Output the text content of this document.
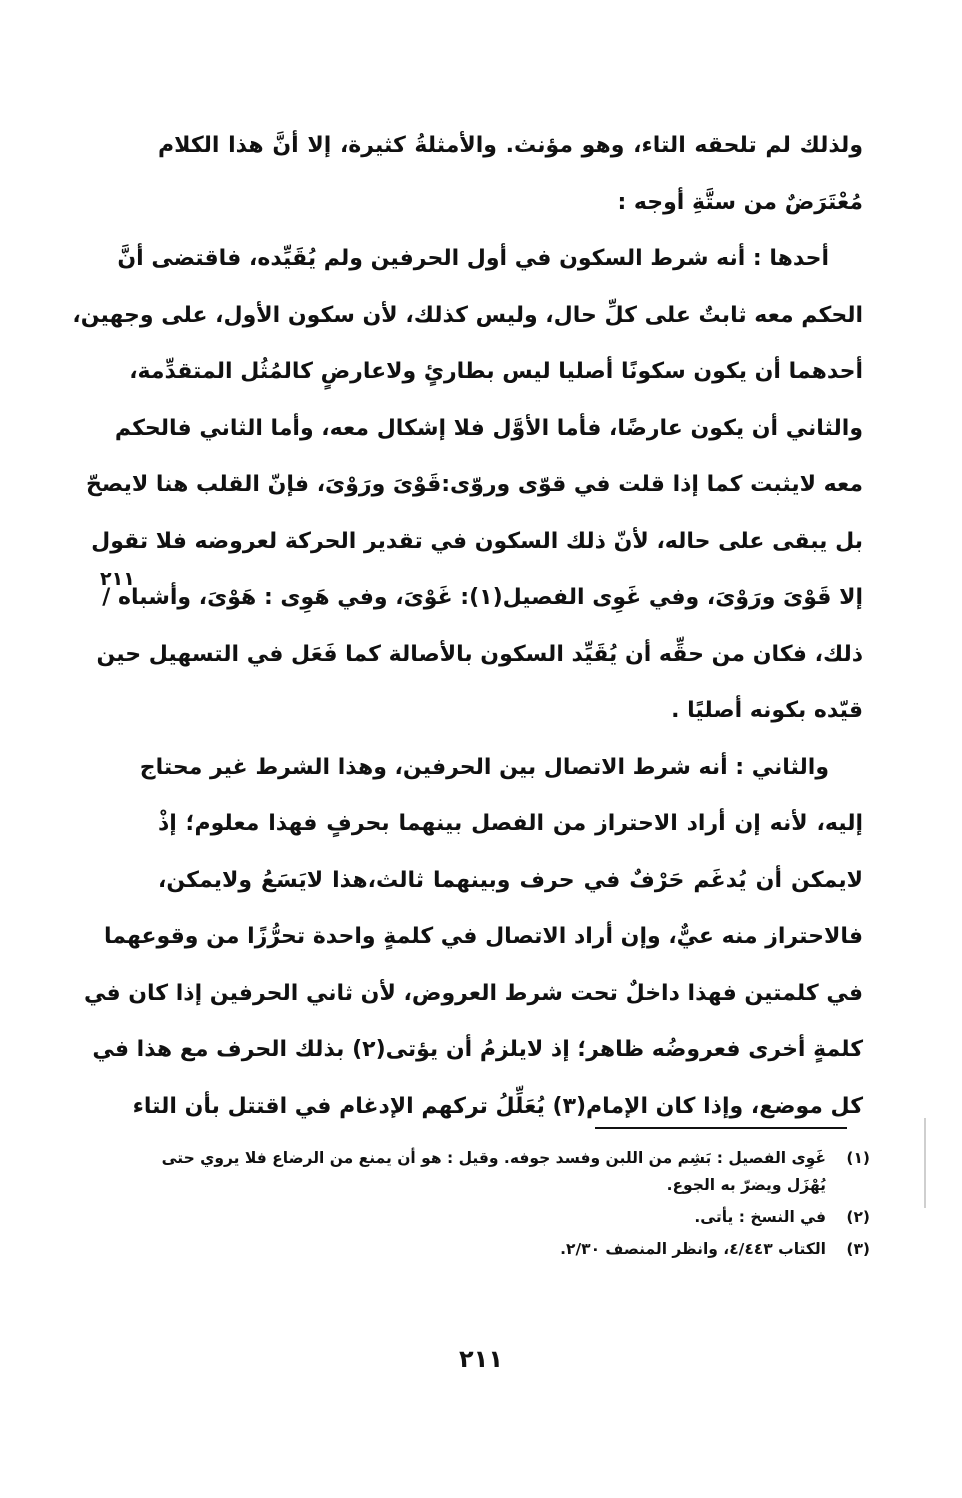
ولذلك لم تلحقه التاء، وهو مؤنث. والأمثلةُ كثيرة، إلا أنَّ هذا الكلام
مُعْتَرَضٌ من ستَّةِ أوجه :
أحدها : أنه شرط السكون في أول الحرفين ولم يُقَيِّده، فاقتضى أنَّ
الحكم معه ثابتٌ على كلِّ حال، وليس كذلك، لأن سكون الأول، على وجهين،
أحدهما أن يكون سكونًا أصليا ليس بطارئٍ ولاعارضٍ كالمُثُل المتقدِّمة،
والثاني أن يكون عارضًا، فأما الأوَّل فلا إشكال معه، وأما الثاني فالحكم
معه لايثبت كما إذا قلت في قوّى وروّى:قَوْىَ ورَوْىَ، فإنّ القلب هنا لايصحّ
بل يبقى على حاله، لأنّ ذلك السكون في تقدير الحركة لعروضه فلا تقول
إلا قَوْىَ ورَوْىَ، وفي غَوِى الفصيل(١): غَوْىَ، وفي هَوِى : هَوْىَ، وأشباه /
ذلك، فكان من حقِّه أن يُقَيِّد السكون بالأصالة كما فَعَل في التسهيل حين
قيّده بكونه أصليًا .
والثاني : أنه شرط الاتصال بين الحرفين، وهذا الشرط غير محتاج
إليه، لأنه إن أراد الاحتراز من الفصل بينهما بحرفٍ فهذا معلوم؛ إذْ
لايمكن أن يُدغَم حَرْفٌ في حرف وبينهما ثالث،هذا لايَسَعُ ولايمكن،
فالاحتراز منه عيٌّ، وإن أراد الاتصال في كلمةٍ واحدة تحرُّزًا من وقوعهما
في كلمتين فهذا داخلٌ تحت شرط العروض، لأن ثاني الحرفين إذا كان في
كلمةٍ أخرى فعروضُه ظاهر؛ إذ لايلزمُ أن يؤتى(٢) بذلك الحرف مع هذا في
كل موضع، وإذا كان الإمام(٣) يُعَلِّلُ تركهم الإدغام في اقتتل بأن التاء
٢١١
(١)
غَوِى الفصيل : بَشِم من اللبن وفسد جوفه. وقيل : هو أن يمنع من الرضاع فلا يروي حتى يُهْزَل ويضرّ به الجوع.
(٢)
في النسخ : يأتى.
(٣)
الكتاب ٤/٤٤٣، وانظر المنصف ٢/٣٠.
٢١١
